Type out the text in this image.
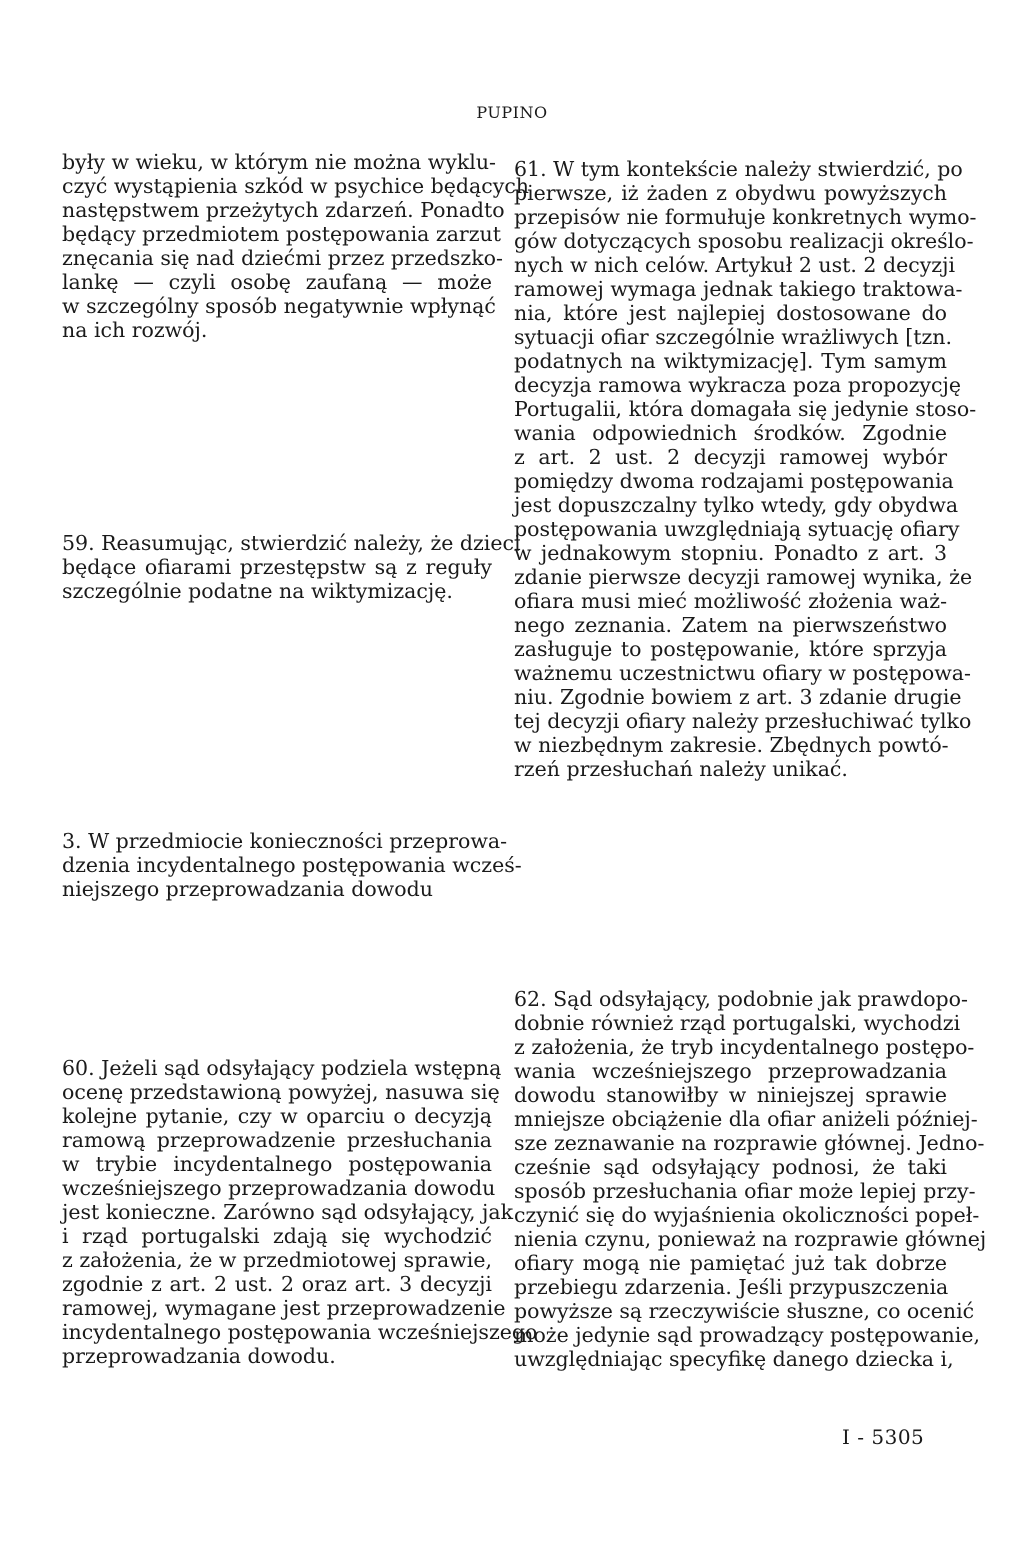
PUPINO
były w wieku, w którym nie można wyklu-
czyć wystąpienia szkód w psychice będących
następstwem przeżytych zdarzeń. Ponadto
będący przedmiotem postępowania zarzut
znęcania się nad dziećmi przez przedszko-
lankę — czyli osobę zaufaną — może
w szczególny sposób negatywnie wpłynąć
na ich rozwój.
59. Reasumując, stwierdzić należy, że dzieci
będące ofiarami przestępstw są z reguły
szczególnie podatne na wiktymizację.
3. W przedmiocie konieczności przeprowa-
dzenia incydentalnego postępowania wcześ-
niejszego przeprowadzania dowodu
60. Jeżeli sąd odsyłający podziela wstępną
ocenę przedstawioną powyżej, nasuwa się
kolejne pytanie, czy w oparciu o decyzją
ramową przeprowadzenie przesłuchania
w trybie incydentalnego postępowania
wcześniejszego przeprowadzania dowodu
jest konieczne. Zarówno sąd odsyłający, jak
i rząd portugalski zdają się wychodzić
z założenia, że w przedmiotowej sprawie,
zgodnie z art. 2 ust. 2 oraz art. 3 decyzji
ramowej, wymagane jest przeprowadzenie
incydentalnego postępowania wcześniejszego
przeprowadzania dowodu.
61. W tym kontekście należy stwierdzić, po
pierwsze, iż żaden z obydwu powyższych
przepisów nie formułuje konkretnych wymo-
gów dotyczących sposobu realizacji określo-
nych w nich celów. Artykuł 2 ust. 2 decyzji
ramowej wymaga jednak takiego traktowa-
nia, które jest najlepiej dostosowane do
sytuacji ofiar szczególnie wrażliwych [tzn.
podatnych na wiktymizację]. Tym samym
decyzja ramowa wykracza poza propozycję
Portugalii, która domagała się jedynie stoso-
wania odpowiednich środków. Zgodnie
z art. 2 ust. 2 decyzji ramowej wybór
pomiędzy dwoma rodzajami postępowania
jest dopuszczalny tylko wtedy, gdy obydwa
postępowania uwzględniają sytuację ofiary
w jednakowym stopniu. Ponadto z art. 3
zdanie pierwsze decyzji ramowej wynika, że
ofiara musi mieć możliwość złożenia waż-
nego zeznania. Zatem na pierwszeństwo
zasługuje to postępowanie, które sprzyja
ważnemu uczestnictwu ofiary w postępowa-
niu. Zgodnie bowiem z art. 3 zdanie drugie
tej decyzji ofiary należy przesłuchiwać tylko
w niezbędnym zakresie. Zbędnych powtó-
rzeń przesłuchań należy unikać.
62. Sąd odsyłający, podobnie jak prawdopo-
dobnie również rząd portugalski, wychodzi
z założenia, że tryb incydentalnego postępo-
wania wcześniejszego przeprowadzania
dowodu stanowiłby w niniejszej sprawie
mniejsze obciążenie dla ofiar aniżeli później-
sze zeznawanie na rozprawie głównej. Jedno-
cześnie sąd odsyłający podnosi, że taki
sposób przesłuchania ofiar może lepiej przy-
czynić się do wyjaśnienia okoliczności popeł-
nienia czynu, ponieważ na rozprawie głównej
ofiary mogą nie pamiętać już tak dobrze
przebiegu zdarzenia. Jeśli przypuszczenia
powyższe są rzeczywiście słuszne, co ocenić
może jedynie sąd prowadzący postępowanie,
uwzględniając specyfikę danego dziecka i,
I - 5305
